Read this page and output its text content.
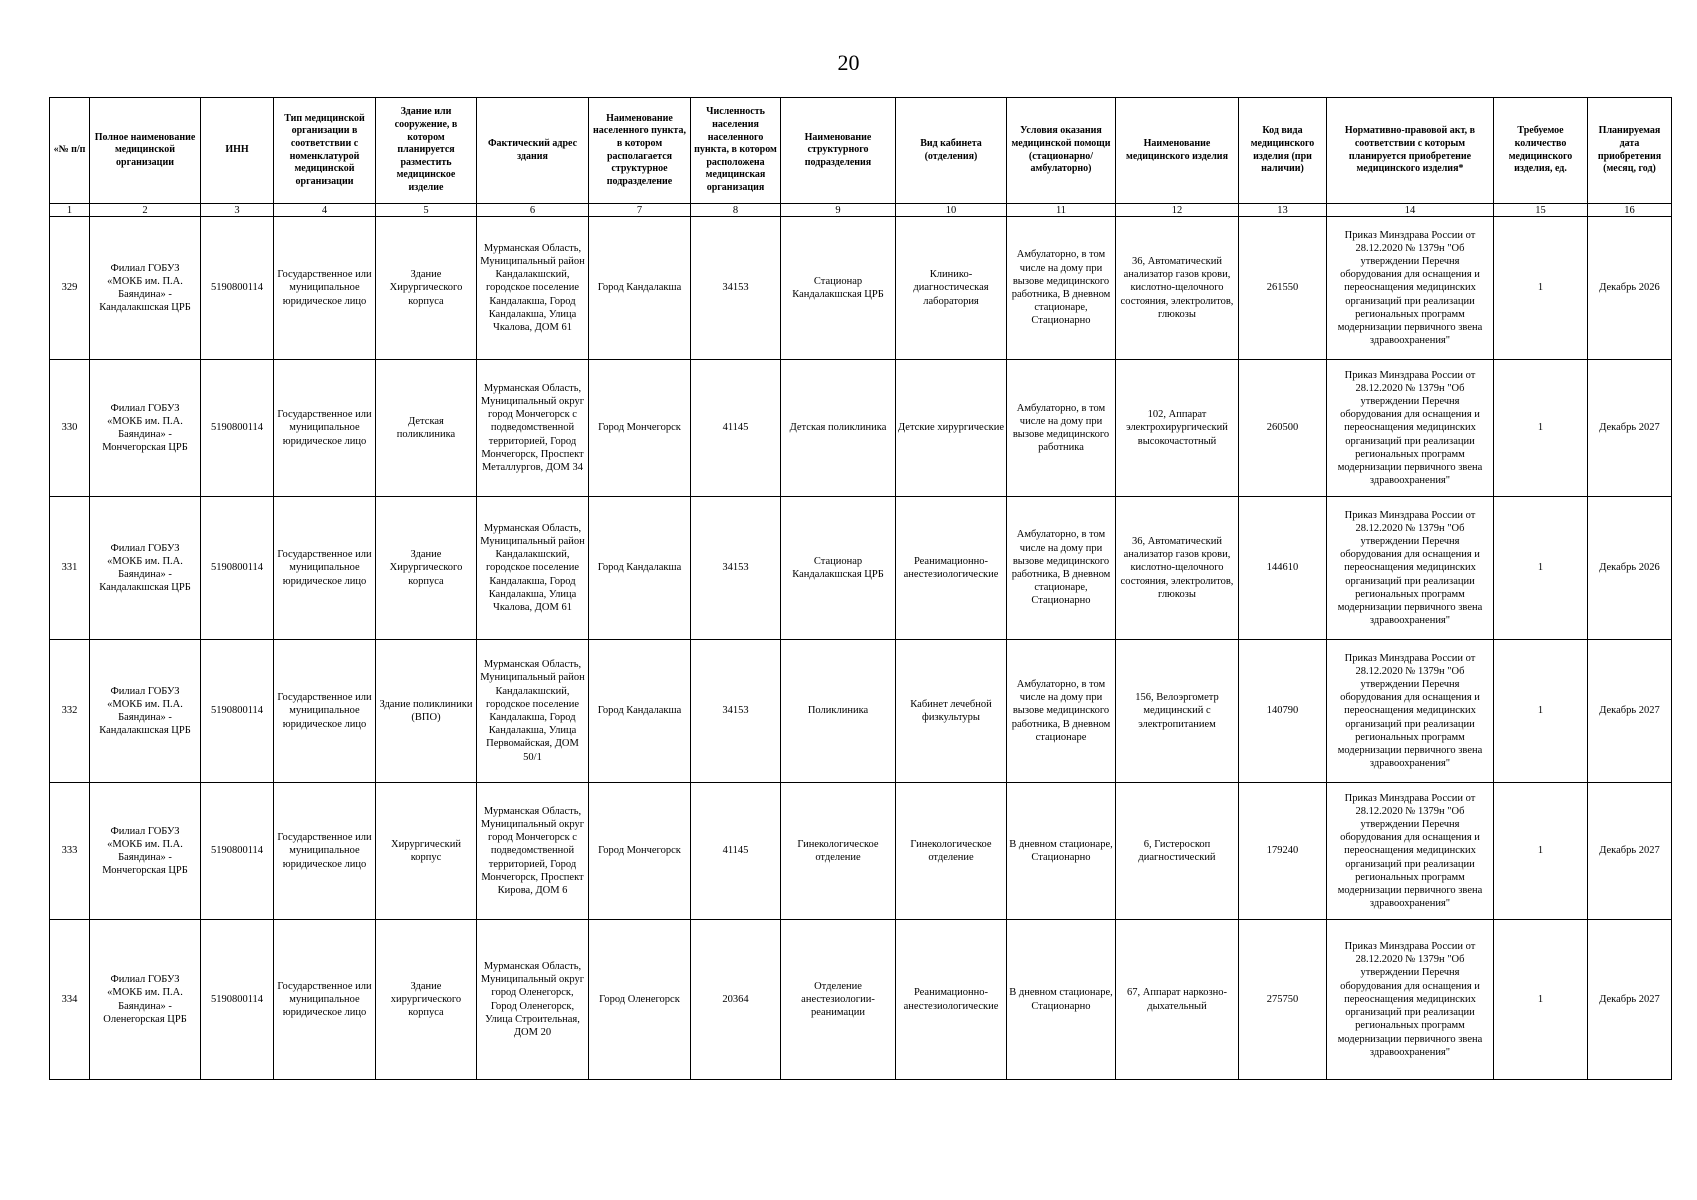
20
«№ п/п	Полное наименование медицинской организации	ИНН	Тип медицинской организации в соответствии с номенклатурой медицинской организации	Здание или сооружение, в котором планируется разместить медицинское изделие	Фактический адрес здания	Наименование населенного пункта, в котором располагается структурное подразделение	Численность населения населенного пункта, в котором расположена медицинская организация	Наименование структурного подразделения	Вид кабинета (отделения)	Условия оказания медицинской помощи (стационарно/ амбулаторно)	Наименование медицинского изделия	Код вида медицинского изделия (при наличии)	Нормативно-правовой акт, в соответствии с которым планируется приобретение медицинского изделия*	Требуемое количество медицинского изделия, ед.	Планируемая дата приобретения (месяц, год)
1	2	3	4	5	6	7	8	9	10	11	12	13	14	15	16
329	Филиал ГОБУЗ «МОКБ им. П.А. Баяндина» - Кандалакшская ЦРБ	5190800114	Государственное или муниципальное юридическое лицо	Здание Хирургического корпуса	Мурманская Область, Муниципальный район Кандалакшский, городское поселение Кандалакша, Город Кандалакша, Улица Чкалова, ДОМ 61	Город Кандалакша	34153	Стационар Кандалакшская ЦРБ	Клинико-диагностическая лаборатория	Амбулаторно, в том числе на дому при вызове медицинского работника, В дневном стационаре, Стационарно	36, Автоматический анализатор газов крови, кислотно-щелочного состояния, электролитов, глюкозы	261550	Приказ Минздрава России от 28.12.2020 № 1379н "Об утверждении Перечня оборудования для оснащения и переоснащения медицинских организаций при реализации региональных программ модернизации первичного звена здравоохранения"	1	Декабрь 2026
330	Филиал ГОБУЗ «МОКБ им. П.А. Баяндина» - Мончегорская ЦРБ	5190800114	Государственное или муниципальное юридическое лицо	Детская поликлиника	Мурманская Область, Муниципальный округ город Мончегорск с подведомственной территорией, Город Мончегорск, Проспект Металлургов, ДОМ 34	Город Мончегорск	41145	Детская поликлиника	Детские хирургические	Амбулаторно, в том числе на дому при вызове медицинского работника	102, Аппарат электрохирургический высокочастотный	260500	Приказ Минздрава России от 28.12.2020 № 1379н "Об утверждении Перечня оборудования для оснащения и переоснащения медицинских организаций при реализации региональных программ модернизации первичного звена здравоохранения"	1	Декабрь 2027
331	Филиал ГОБУЗ «МОКБ им. П.А. Баяндина» - Кандалакшская ЦРБ	5190800114	Государственное или муниципальное юридическое лицо	Здание Хирургического корпуса	Мурманская Область, Муниципальный район Кандалакшский, городское поселение Кандалакша, Город Кандалакша, Улица Чкалова, ДОМ 61	Город Кандалакша	34153	Стационар Кандалакшская ЦРБ	Реанимационно-анестезиологические	Амбулаторно, в том числе на дому при вызове медицинского работника, В дневном стационаре, Стационарно	36, Автоматический анализатор газов крови, кислотно-щелочного состояния, электролитов, глюкозы	144610	Приказ Минздрава России от 28.12.2020 № 1379н "Об утверждении Перечня оборудования для оснащения и переоснащения медицинских организаций при реализации региональных программ модернизации первичного звена здравоохранения"	1	Декабрь 2026
332	Филиал ГОБУЗ «МОКБ им. П.А. Баяндина» - Кандалакшская ЦРБ	5190800114	Государственное или муниципальное юридическое лицо	Здание поликлиники (ВПО)	Мурманская Область, Муниципальный район Кандалакшский, городское поселение Кандалакша, Город Кандалакша, Улица Первомайская, ДОМ 50/1	Город Кандалакша	34153	Поликлиника	Кабинет лечебной физкультуры	Амбулаторно, в том числе на дому при вызове медицинского работника, В дневном стационаре	156, Велоэргометр медицинский с электропитанием	140790	Приказ Минздрава России от 28.12.2020 № 1379н "Об утверждении Перечня оборудования для оснащения и переоснащения медицинских организаций при реализации региональных программ модернизации первичного звена здравоохранения"	1	Декабрь 2027
333	Филиал ГОБУЗ «МОКБ им. П.А. Баяндина» - Мончегорская ЦРБ	5190800114	Государственное или муниципальное юридическое лицо	Хирургический корпус	Мурманская Область, Муниципальный округ город Мончегорск с подведомственной территорией, Город Мончегорск, Проспект Кирова, ДОМ 6	Город Мончегорск	41145	Гинекологическое отделение	Гинекологическое отделение	В дневном стационаре, Стационарно	6, Гистероскоп диагностический	179240	Приказ Минздрава России от 28.12.2020 № 1379н "Об утверждении Перечня оборудования для оснащения и переоснащения медицинских организаций при реализации региональных программ модернизации первичного звена здравоохранения"	1	Декабрь 2027
334	Филиал ГОБУЗ «МОКБ им. П.А. Баяндина» - Оленегорская ЦРБ	5190800114	Государственное или муниципальное юридическое лицо	Здание хирургического корпуса	Мурманская Область, Муниципальный округ город Оленегорск, Город Оленегорск, Улица Строительная, ДОМ 20	Город Оленегорск	20364	Отделение анестезиологии-реанимации	Реанимационно-анестезиологические	В дневном стационаре, Стационарно	67, Аппарат наркозно-дыхательный	275750	Приказ Минздрава России от 28.12.2020 № 1379н "Об утверждении Перечня оборудования для оснащения и переоснащения медицинских организаций при реализации региональных программ модернизации первичного звена здравоохранения"	1	Декабрь 2027
